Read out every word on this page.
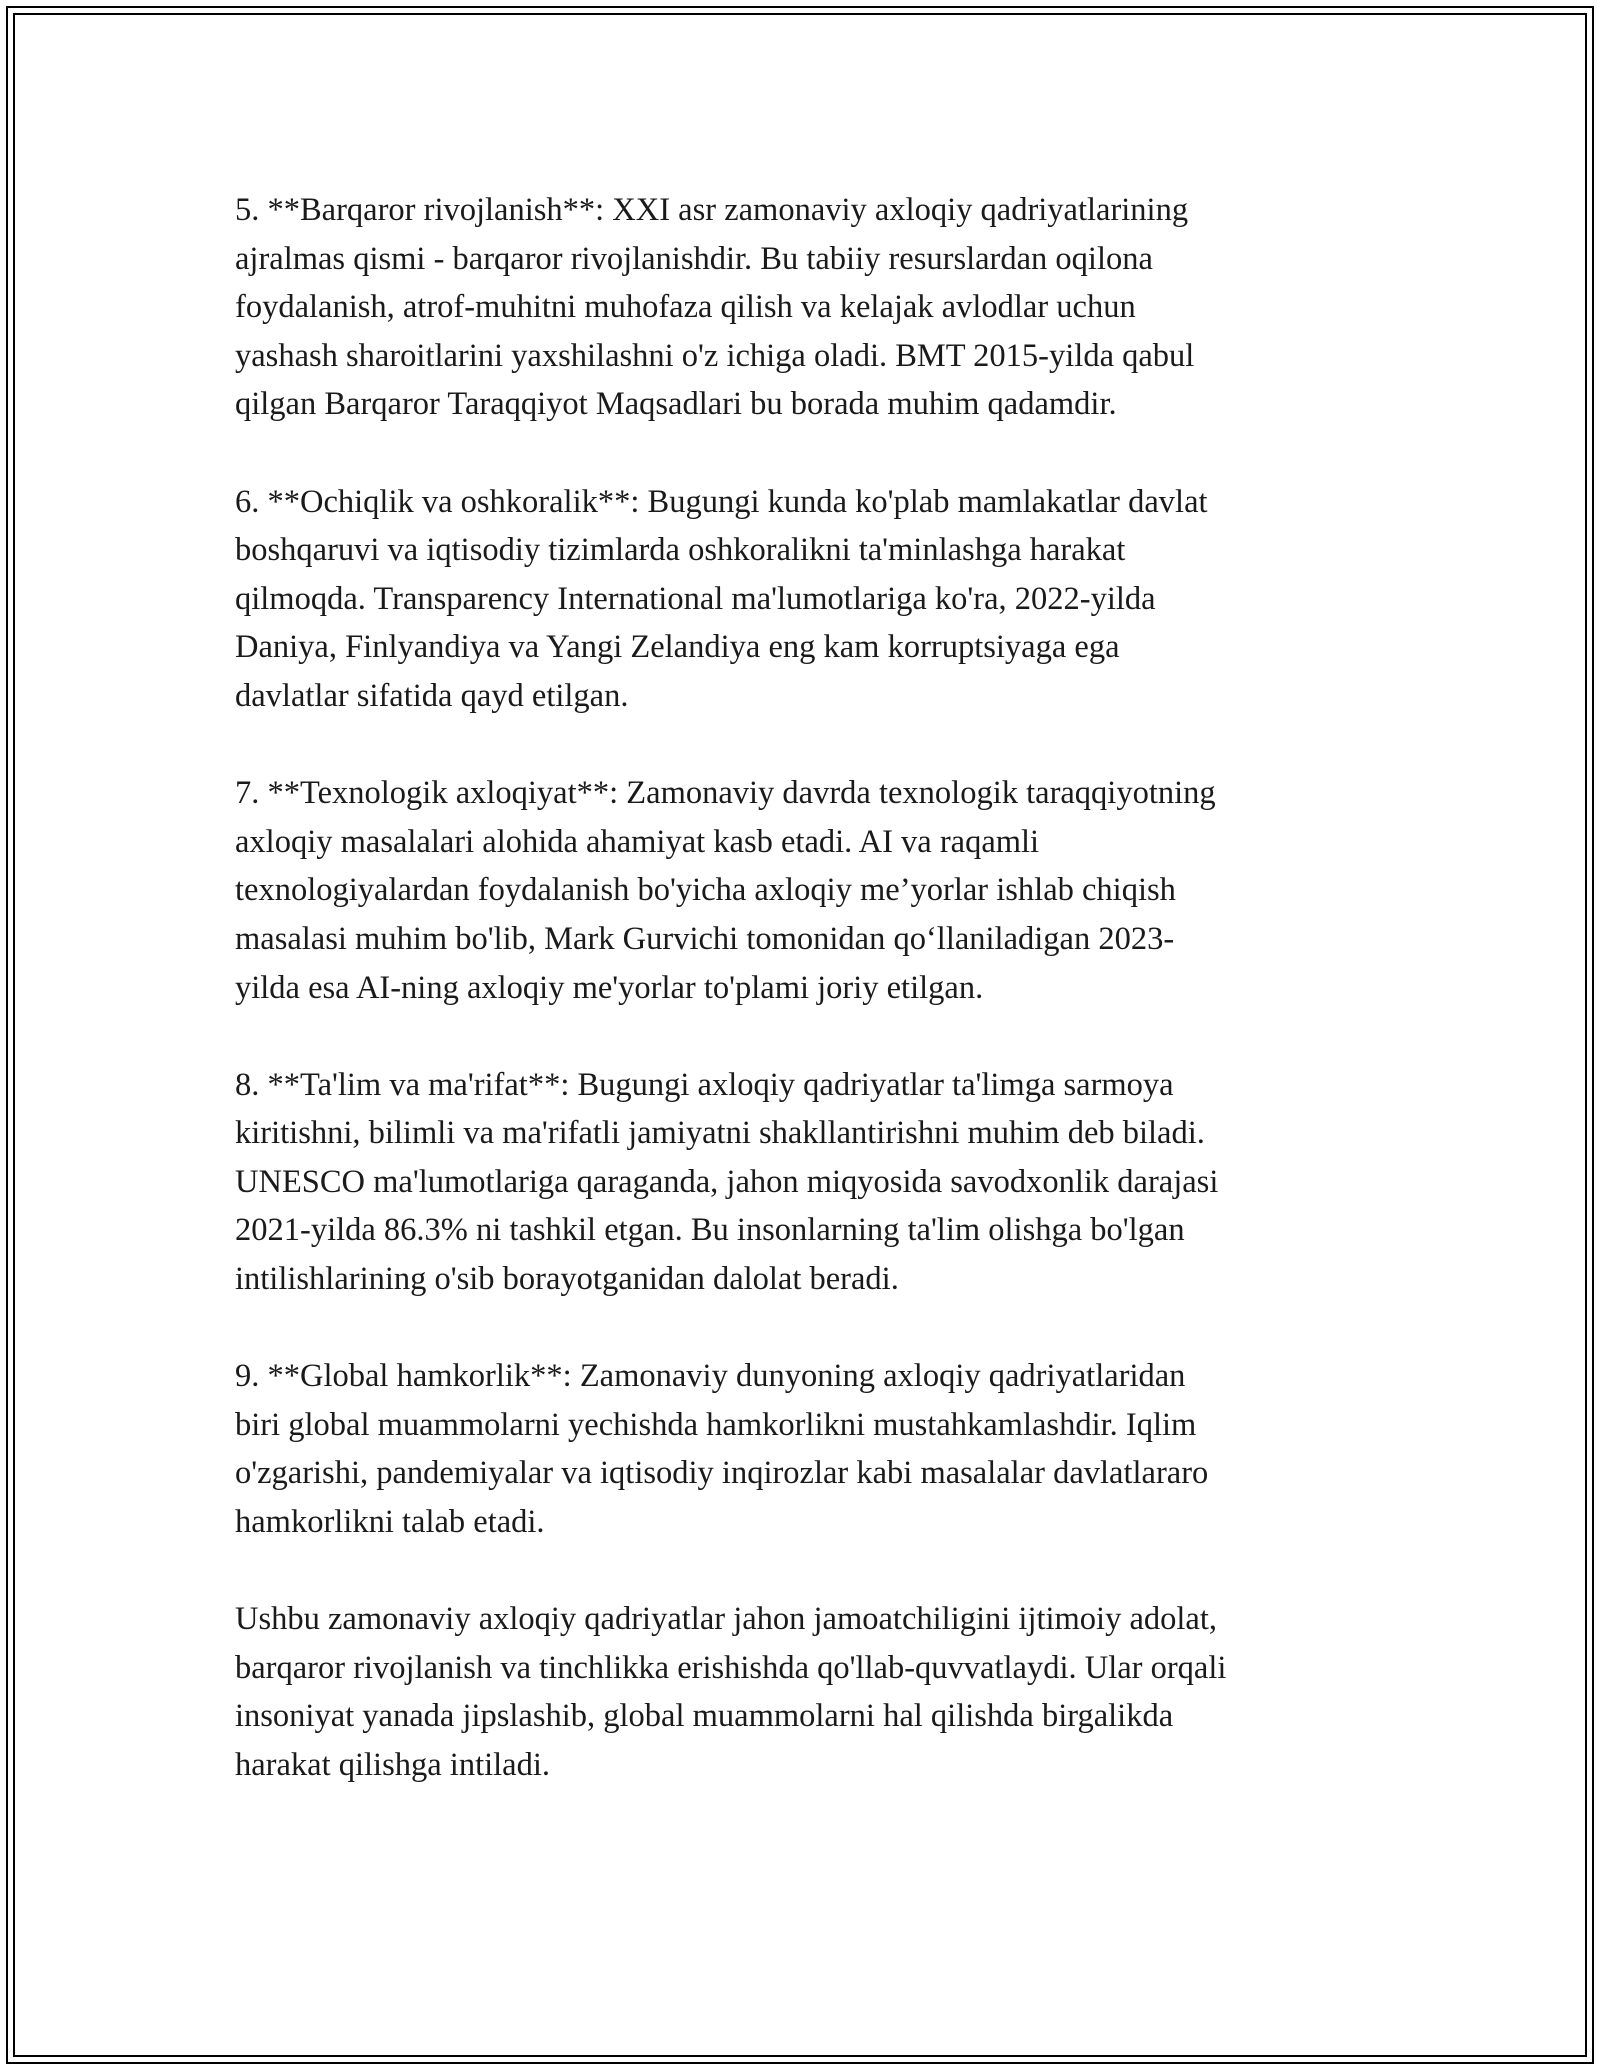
5. **Barqaror rivojlanish**: XXI asr zamonaviy axloqiy qadriyatlarining
ajralmas qismi - barqaror rivojlanishdir. Bu tabiiy resurslardan oqilona
foydalanish, atrof-muhitni muhofaza qilish va kelajak avlodlar uchun
yashash sharoitlarini yaxshilashni o'z ichiga oladi. BMT 2015-yilda qabul
qilgan Barqaror Taraqqiyot Maqsadlari bu borada muhim qadamdir.

6. **Ochiqlik va oshkoralik**: Bugungi kunda ko'plab mamlakatlar davlat
boshqaruvi va iqtisodiy tizimlarda oshkoralikni ta'minlashga harakat
qilmoqda. Transparency International ma'lumotlariga ko'ra, 2022-yilda
Daniya, Finlyandiya va Yangi Zelandiya eng kam korruptsiyaga ega
davlatlar sifatida qayd etilgan.

7. **Texnologik axloqiyat**: Zamonaviy davrda texnologik taraqqiyotning
axloqiy masalalari alohida ahamiyat kasb etadi. AI va raqamli
texnologiyalardan foydalanish bo'yicha axloqiy me’yorlar ishlab chiqish
masalasi muhim bo'lib, Mark Gurvichi tomonidan qo‘llaniladigan 2023-
yilda esa AI-ning axloqiy me'yorlar to'plami joriy etilgan.

8. **Ta'lim va ma'rifat**: Bugungi axloqiy qadriyatlar ta'limga sarmoya
kiritishni, bilimli va ma'rifatli jamiyatni shakllantirishni muhim deb biladi.
UNESCO ma'lumotlariga qaraganda, jahon miqyosida savodxonlik darajasi
2021-yilda 86.3% ni tashkil etgan. Bu insonlarning ta'lim olishga bo'lgan
intilishlarining o'sib borayotganidan dalolat beradi.

9. **Global hamkorlik**: Zamonaviy dunyoning axloqiy qadriyatlaridan
biri global muammolarni yechishda hamkorlikni mustahkamlashdir. Iqlim
o'zgarishi, pandemiyalar va iqtisodiy inqirozlar kabi masalalar davlatlararo
hamkorlikni talab etadi.

Ushbu zamonaviy axloqiy qadriyatlar jahon jamoatchiligini ijtimoiy adolat,
barqaror rivojlanish va tinchlikka erishishda qo'llab-quvvatlaydi. Ular orqali
insoniyat yanada jipslashib, global muammolarni hal qilishda birgalikda
harakat qilishga intiladi.
